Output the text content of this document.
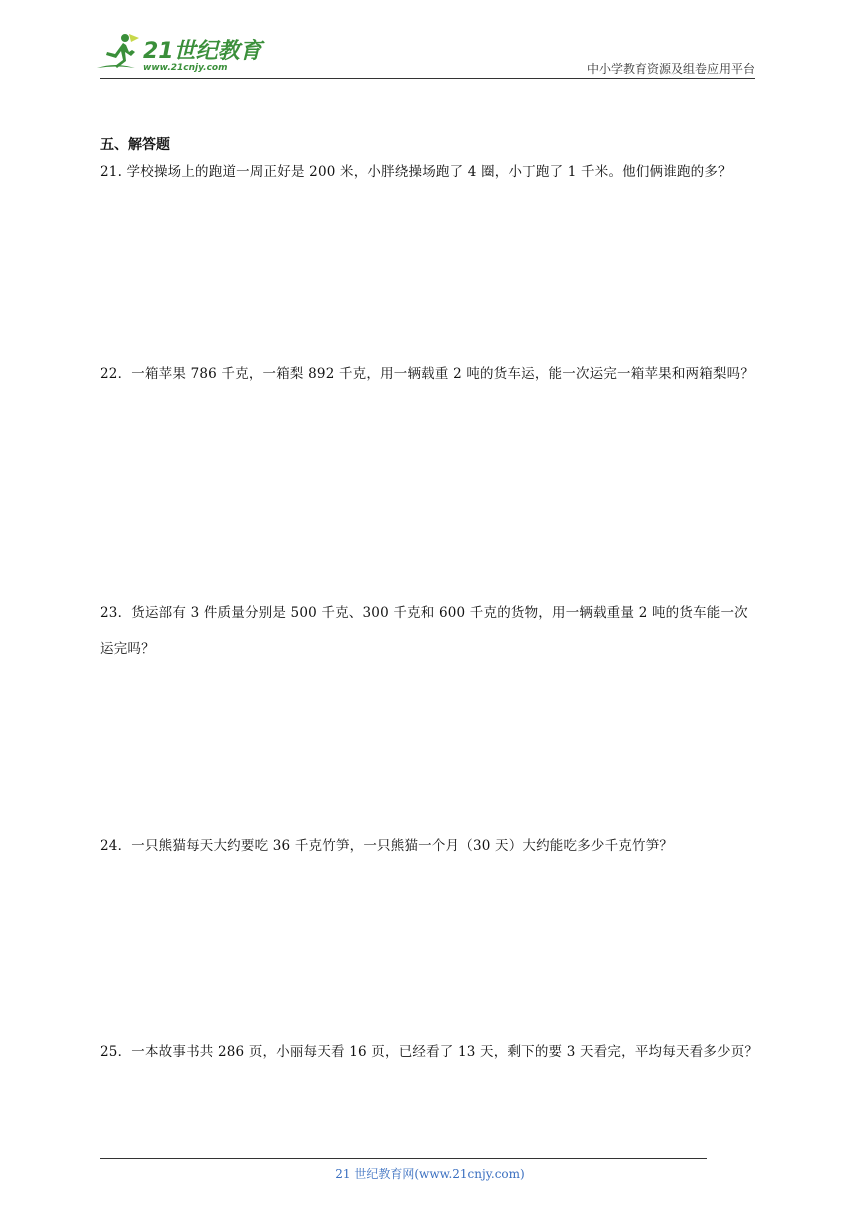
21世纪教育
www.21cnjy.com	中小学教育资源及组卷应用平台
五、解答题
21. 学校操场上的跑道一周正好是 200 米，小胖绕操场跑了 4 圈，小丁跑了 1 千米。他们俩谁跑的多？
22．一箱苹果 786 千克，一箱梨 892 千克，用一辆载重 2 吨的货车运，能一次运完一箱苹果和两箱梨吗？
23．货运部有 3 件质量分别是 500 千克、300 千克和 600 千克的货物，用一辆载重量 2 吨的货车能一次运完吗？
24．一只熊猫每天大约要吃 36 千克竹笋，一只熊猫一个月（30 天）大约能吃多少千克竹笋？
25．一本故事书共 286 页，小丽每天看 16 页，已经看了 13 天，剩下的要 3 天看完，平均每天看多少页？
21 世纪教育网(www.21cnjy.com)
